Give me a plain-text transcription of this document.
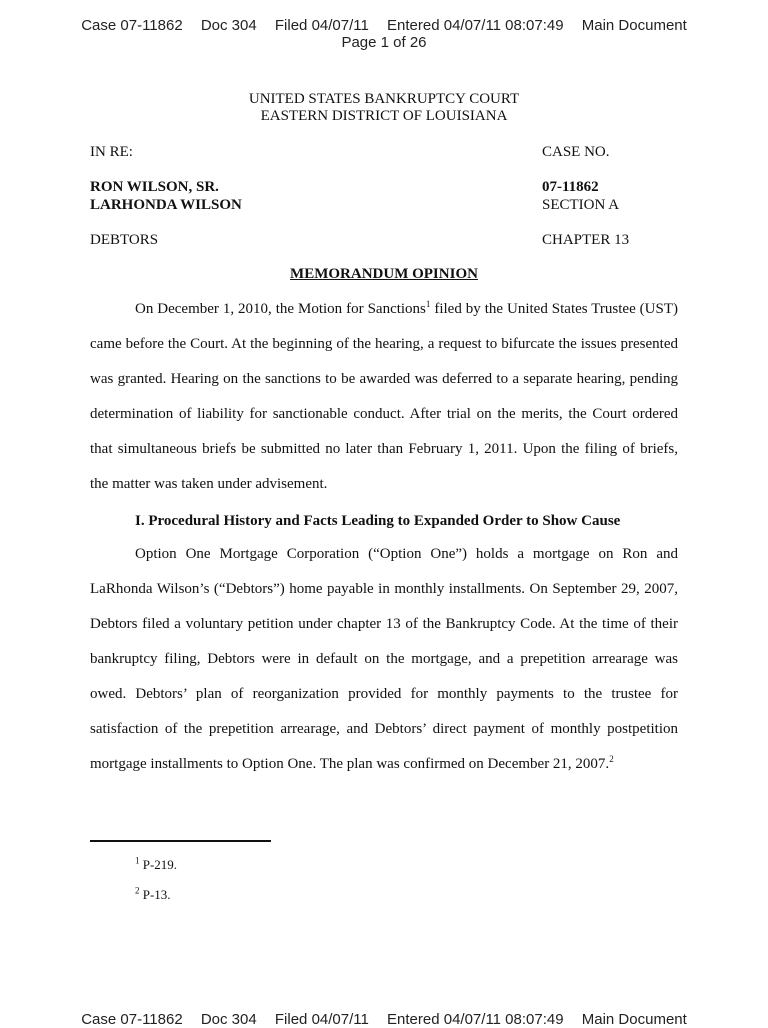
Case 07-11862 Doc 304 Filed 04/07/11 Entered 04/07/11 08:07:49 Main Document
Page 1 of 26
UNITED STATES BANKRUPTCY COURT
EASTERN DISTRICT OF LOUISIANA
IN RE:	CASE NO.
RON WILSON, SR.
LARHONDA WILSON
07-11862
SECTION A
DEBTORS	CHAPTER 13
MEMORANDUM OPINION

On December 1, 2010, the Motion for Sanctions$^1$ filed by the United States Trustee (UST) came before the Court. At the beginning of the hearing, a request to bifurcate the issues presented was granted. Hearing on the sanctions to be awarded was deferred to a separate hearing, pending determination of liability for sanctionable conduct. After trial on the merits, the Court ordered that simultaneous briefs be submitted no later than February 1, 2011. Upon the filing of briefs, the matter was taken under advisement.

I. Procedural History and Facts Leading to Expanded Order to Show Cause

Option One Mortgage Corporation (“Option One”) holds a mortgage on Ron and LaRhonda Wilson’s (“Debtors”) home payable in monthly installments. On September 29, 2007, Debtors filed a voluntary petition under chapter 13 of the Bankruptcy Code. At the time of their bankruptcy filing, Debtors were in default on the mortgage, and a prepetition arrearage was owed. Debtors’ plan of reorganization provided for monthly payments to the trustee for satisfaction of the prepetition arrearage, and Debtors’ direct payment of monthly postpetition mortgage installments to Option One. The plan was confirmed on December 21, 2007.$^2$

$^1$ P-219.
$^2$ P-13.
Case 07-11862 Doc 304 Filed 04/07/11 Entered 04/07/11 08:07:49 Main Document
